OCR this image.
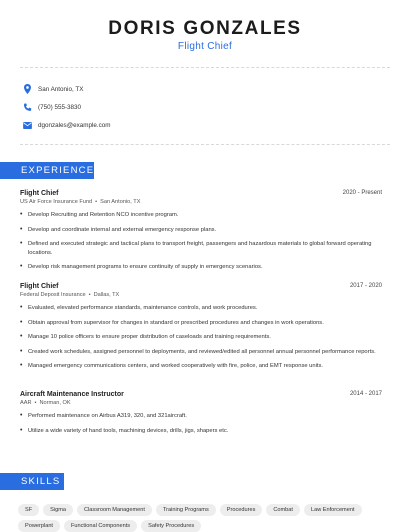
DORIS GONZALES
Flight Chief
San Antonio, TX
(750) 555-3830
dgonzales@example.com
EXPERIENCE
Flight Chief	2020 - Present
US Air Force Insurance Fund • San Antonio, TX
• Develop Recruiting and Retention NCO incentive program.
• Develop and coordinate internal and external emergency response plans.
• Defined and executed strategic and tactical plans to transport freight, passengers and hazardous materials to global forward operating locations.
• Develop risk management programs to ensure continuity of supply in emergency scenarios.
Flight Chief	2017 - 2020
Federal Deposit Insurance • Dallas, TX
• Evaluated, elevated performance standards, maintenance controls, and work procedures.
• Obtain approval from supervisor for changes in standard or prescribed procedures and changes in work operations.
• Manage 10 police officers to ensure proper distribution of caseloads and training requirements.
• Created work schedules, assigned personnel to deployments, and reviewed/edited all personnel annual personnel performance reports.
• Managed emergency communications centers, and worked cooperatively with fire, police, and EMT response units.
Aircraft Maintenance Instructor	2014 - 2017
AAR • Norman, OK
• Performed maintenance on Airbus A319, 320, and 321aircraft.
• Utilize a wide variety of hand tools, machining devices, drills, jigs, shapers etc.
SKILLS
SF	Sigma	Classroom Management	Training Programs	Procedures	Combat	Law Enforcement
Powerplant	Functional Components	Safety Procedures
